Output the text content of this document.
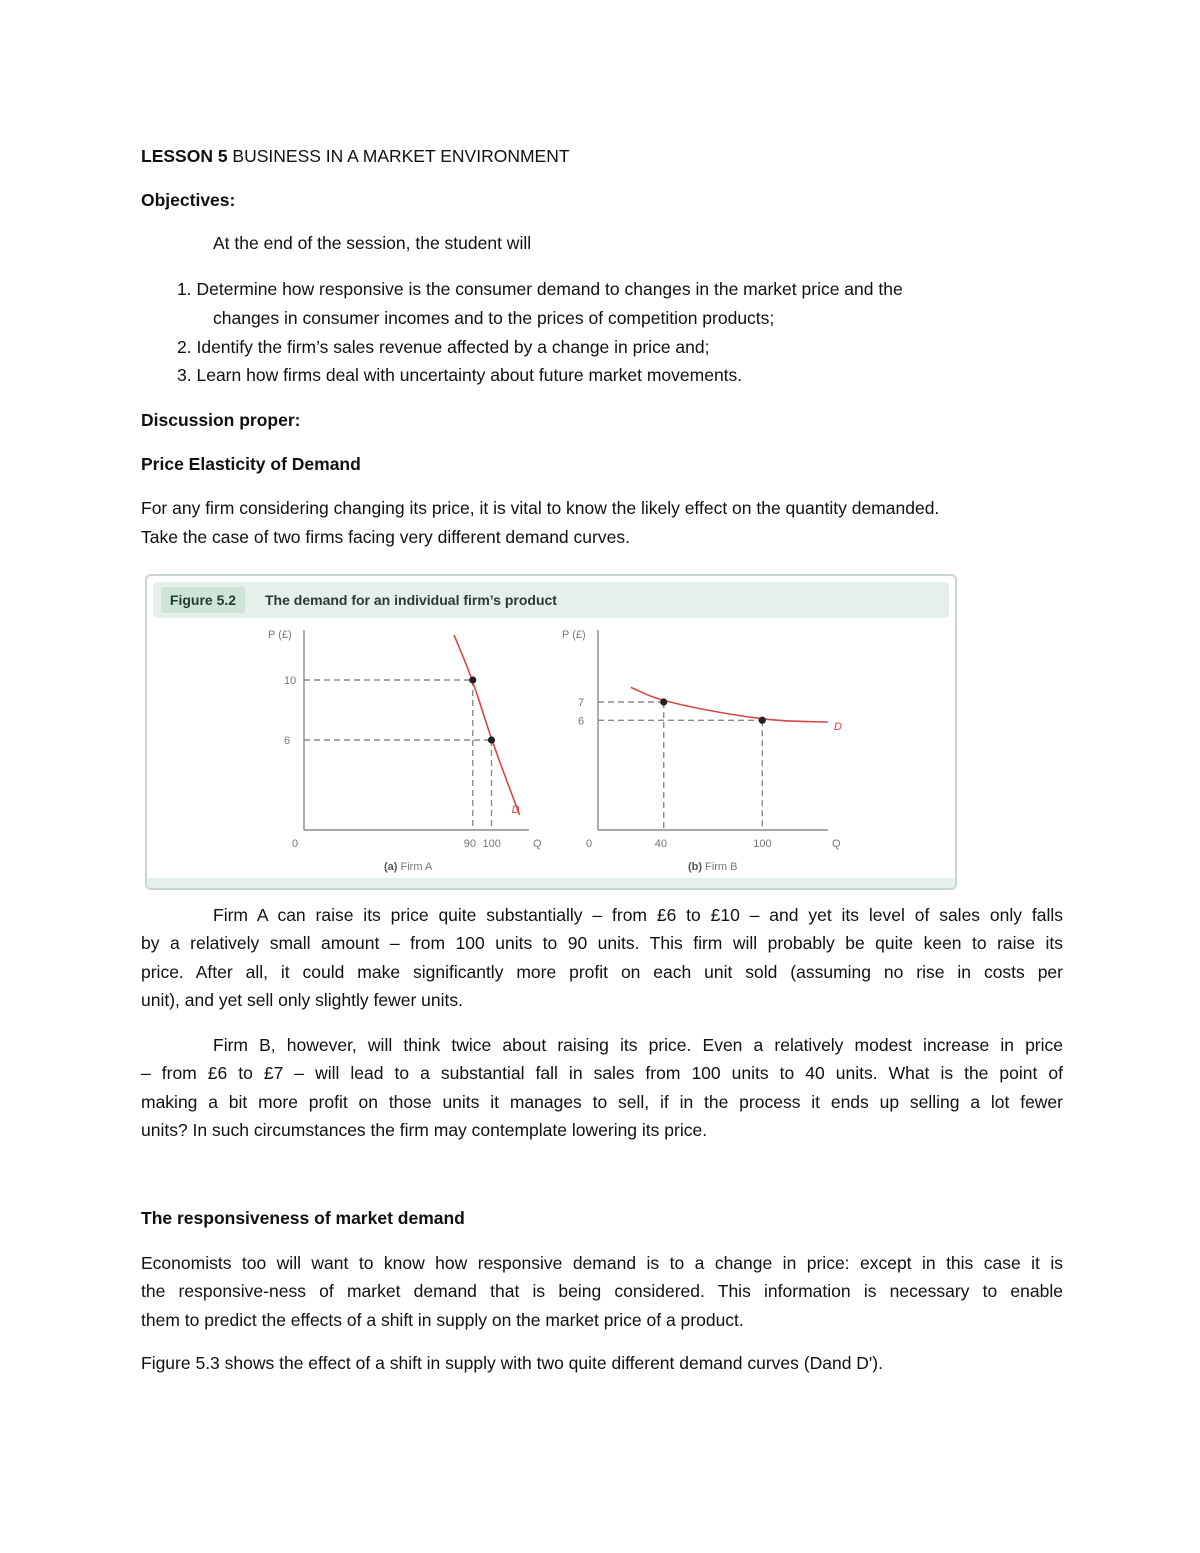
LESSON 5 BUSINESS IN A MARKET ENVIRONMENT
Objectives:
At the end of the session, the student will
1. Determine how responsive is the consumer demand to changes in the market price and the
changes in consumer incomes and to the prices of competition products;
2. Identify the firm’s sales revenue affected by a change in price and;
3. Learn how firms deal with uncertainty about future market movements.
Discussion proper:
Price Elasticity of Demand
For any firm considering changing its price, it is vital to know the likely effect on the quantity demanded.
Take the case of two firms facing very different demand curves.
Figure 5.2	The demand for an individual firm’s product
P (£)
Q
0
10
6
90 100
D
(a) Firm A
P (£)
Q
0
7
6
40	100
D
(b) Firm B
Firm A can raise its price quite substantially – from £6 to £10 – and yet its level of sales only falls
by a relatively small amount – from 100 units to 90 units. This firm will probably be quite keen to raise its
price. After all, it could make significantly more profit on each unit sold (assuming no rise in costs per
unit), and yet sell only slightly fewer units.
Firm B, however, will think twice about raising its price. Even a relatively modest increase in price
– from £6 to £7 – will lead to a substantial fall in sales from 100 units to 40 units. What is the point of
making a bit more profit on those units it manages to sell, if in the process it ends up selling a lot fewer
units? In such circumstances the firm may contemplate lowering its price.
The responsiveness of market demand
Economists too will want to know how responsive demand is to a change in price: except in this case it is
the responsive-ness of market demand that is being considered. This information is necessary to enable
them to predict the effects of a shift in supply on the market price of a product.
Figure 5.3 shows the effect of a shift in supply with two quite different demand curves (Dand D').
